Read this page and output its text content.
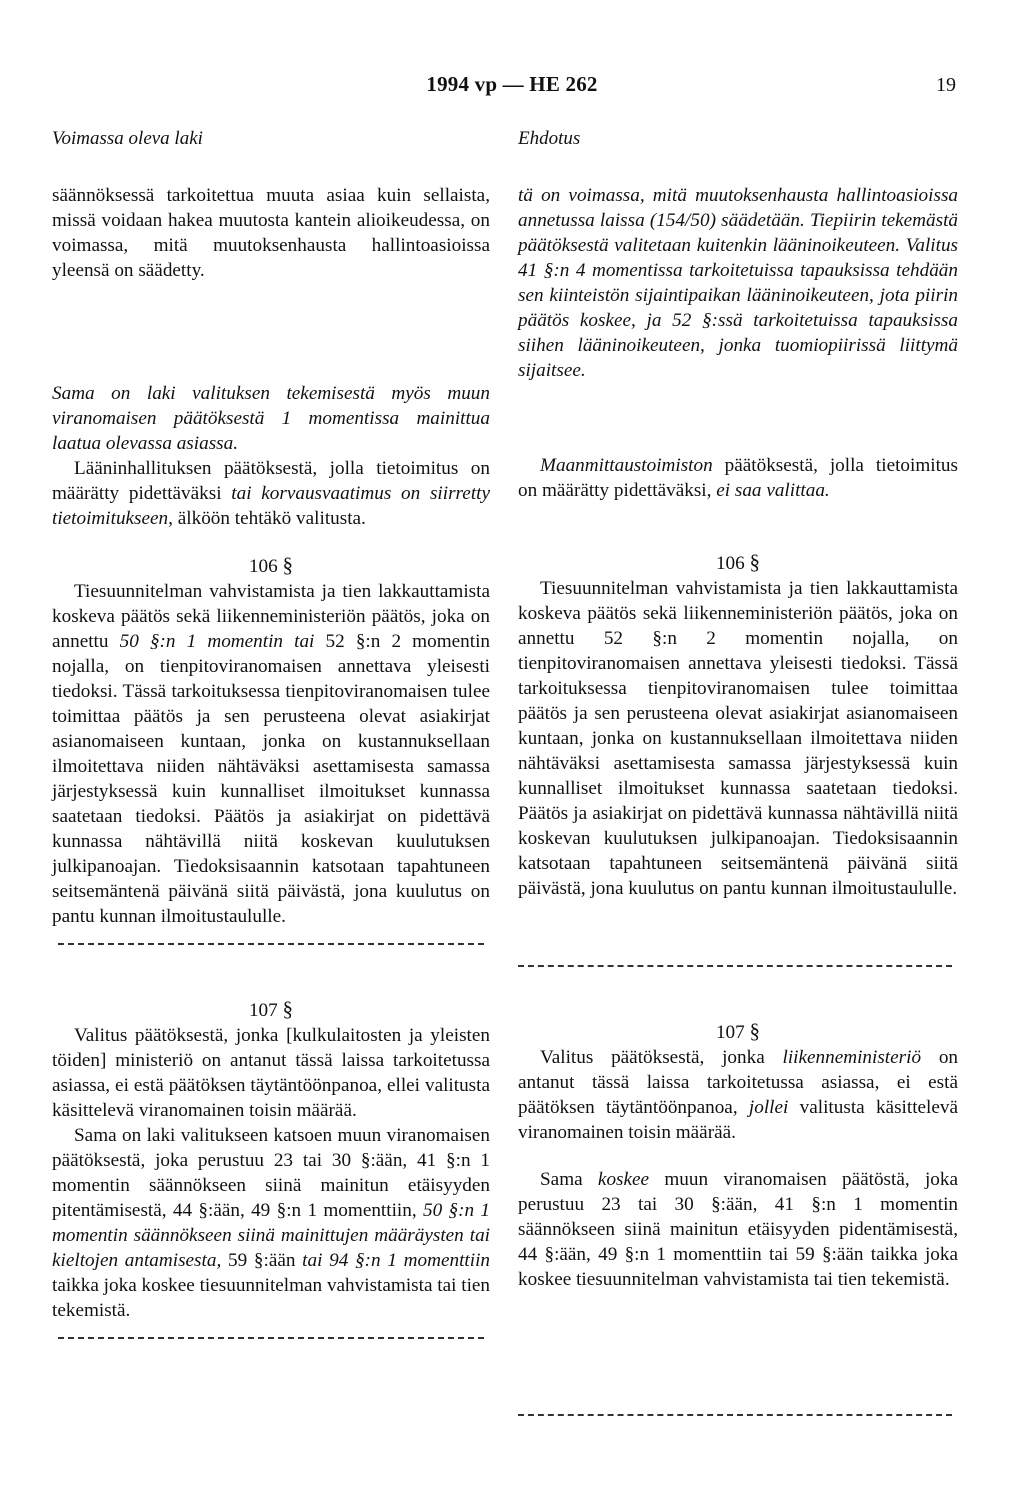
1994 vp — HE 262	19
Voimassa oleva laki

säännöksessä tarkoitettua muuta asiaa kuin sellaista, missä voidaan hakea muutosta kantein alioikeudessa, on voimassa, mitä muutoksenhausta hallintoasioissa yleensä on säädetty.

Sama on laki valituksen tekemisestä myös muun viranomaisen päätöksestä 1 momentissa mainittua laatua olevassa asiassa.

Lääninhallituksen päätöksestä, jolla tietoimitus on määrätty pidettäväksi tai korvausvaatimus on siirretty tietoimitukseen, älköön tehtäkö valitusta.

106 §

Tiesuunnitelman vahvistamista ja tien lakkauttamista koskeva päätös sekä liikenneministeriön päätös, joka on annettu 50 §:n 1 momentin tai 52 §:n 2 momentin nojalla, on tienpitoviranomaisen annettava yleisesti tiedoksi. Tässä tarkoituksessa tienpitoviranomaisen tulee toimittaa päätös ja sen perusteena olevat asiakirjat asianomaiseen kuntaan, jonka on kustannuksellaan ilmoitettava niiden nähtäväksi asettamisesta samassa järjestyksessä kuin kunnalliset ilmoitukset kunnassa saatetaan tiedoksi. Päätös ja asiakirjat on pidettävä kunnassa nähtävillä niitä koskevan kuulutuksen julkipanoajan. Tiedoksisaannin katsotaan tapahtuneen seitsemäntenä päivänä siitä päivästä, jona kuulutus on pantu kunnan ilmoitustaululle.

107 §

Valitus päätöksestä, jonka [kulkulaitosten ja yleisten töiden] ministeriö on antanut tässä laissa tarkoitetussa asiassa, ei estä päätöksen täytäntöönpanoa, ellei valitusta käsittelevä viranomainen toisin määrää.

Sama on laki valitukseen katsoen muun viranomaisen päätöksestä, joka perustuu 23 tai 30 §:ään, 41 §:n 1 momentin säännökseen siinä mainitun etäisyyden pitentämisestä, 44 §:ään, 49 §:n 1 momenttiin, 50 §:n 1 momentin säännökseen siinä mainittujen määräysten tai kieltojen antamisesta, 59 §:ään tai 94 §:n 1 momenttiin taikka joka koskee tiesuunnitelman vahvistamista tai tien tekemistä.

Ehdotus

tä on voimassa, mitä muutoksenhausta hallintoasioissa annetussa laissa (154/50) säädetään. Tiepiirin tekemästä päätöksestä valitetaan kuitenkin lääninoikeuteen. Valitus 41 §:n 4 momentissa tarkoitetuissa tapauksissa tehdään sen kiinteistön sijaintipaikan lääninoikeuteen, jota piirin päätös koskee, ja 52 §:ssä tarkoitetuissa tapauksissa siihen lääninoikeuteen, jonka tuomiopiirissä liittymä sijaitsee.

Maanmittaustoimiston päätöksestä, jolla tietoimitus on määrätty pidettäväksi, ei saa valittaa.

106 §

Tiesuunnitelman vahvistamista ja tien lakkauttamista koskeva päätös sekä liikenneministeriön päätös, joka on annettu 52 §:n 2 momentin nojalla, on tienpitoviranomaisen annettava yleisesti tiedoksi. Tässä tarkoituksessa tienpitoviranomaisen tulee toimittaa päätös ja sen perusteena olevat asiakirjat asianomaiseen kuntaan, jonka on kustannuksellaan ilmoitettava niiden nähtäväksi asettamisesta samassa järjestyksessä kuin kunnalliset ilmoitukset kunnassa saatetaan tiedoksi. Päätös ja asiakirjat on pidettävä kunnassa nähtävillä niitä koskevan kuulutuksen julkipanoajan. Tiedoksisaannin katsotaan tapahtuneen seitsemäntenä päivänä siitä päivästä, jona kuulutus on pantu kunnan ilmoitustaululle.

107 §

Valitus päätöksestä, jonka liikenneministeriö on antanut tässä laissa tarkoitetussa asiassa, ei estä päätöksen täytäntöönpanoa, jollei valitusta käsittelevä viranomainen toisin määrää.

Sama koskee muun viranomaisen päätöstä, joka perustuu 23 tai 30 §:ään, 41 §:n 1 momentin säännökseen siinä mainitun etäisyyden pidentämisestä, 44 §:ään, 49 §:n 1 momenttiin tai 59 §:ään taikka joka koskee tiesuunnitelman vahvistamista tai tien tekemistä.
